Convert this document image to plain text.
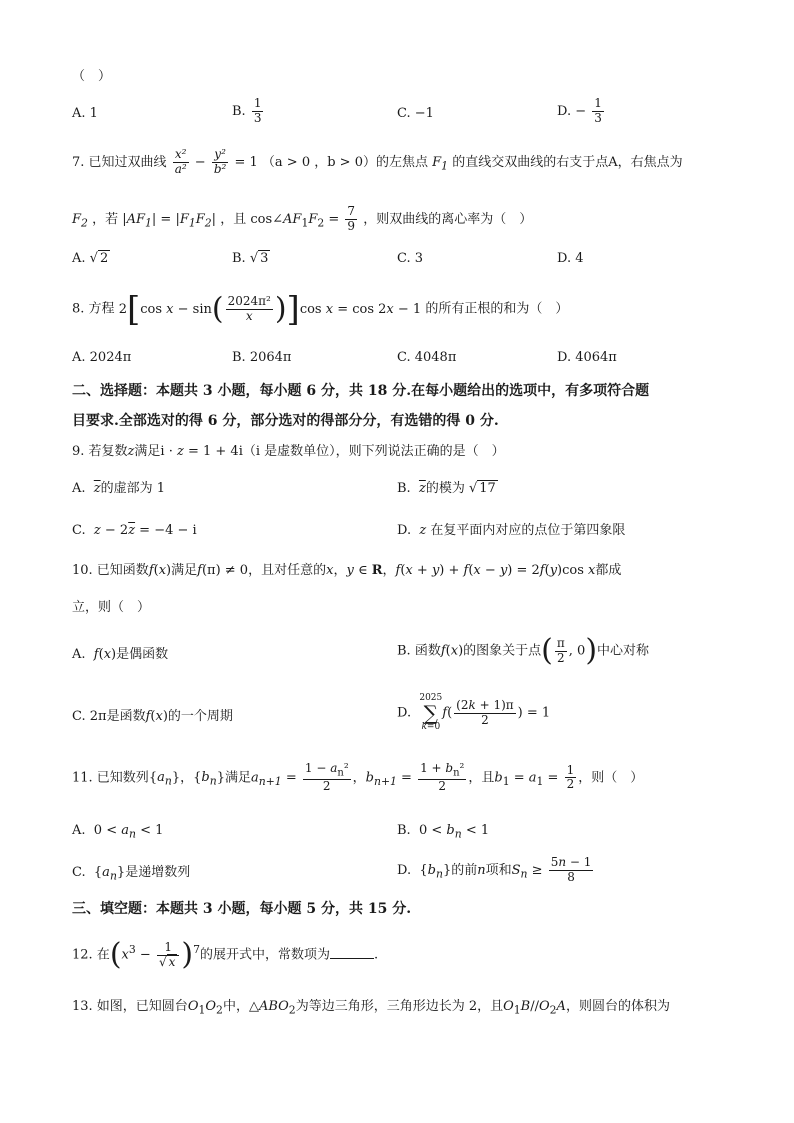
（　）
A. 1	B. $\frac{1}{3}$	C. −1	D. − $\frac{1}{3}$
7. 已知过双曲线 $\frac{\text{x²}}{\text{a²}} - \frac{\text{y²}}{\text{b²}} = 1$ （a > 0 ，b > 0）的左焦点 $F_1$ 的直线交双曲线的右支于点A，右焦点为
$F_2$ ，若 $|AF_1| = |F_1F_2|$ ，且 $\cos\angle AF_1F_2 = \frac{7}{9}$ ，则双曲线的离心率为（　）
A. √ 2	B. √ 3	C. 3	D. 4
8. 方程 2[cos $x - \sin( \frac{\text{2024π²}}{x} )]\cos$ x = cos 2x − 1 的所有正根的和为（　）
A. 2024π	B. 2064π	C. 4048π	D. 4064π
二、选择题：本题共 3 小题，每小题 6 分，共 18 分.在每小题给出的选项中，有多项符合题
目要求.全部选对的得 6 分，部分选对的得部分分，有选错的得 0 分.
9. 若复数z满足i · z = 1 + 4i（i 是虚数单位），则下列说法正确的是（　）
A.  $\overline{z}$的虚部为 1	B.  $\overline{z}$的模为 √ 17
C. $z - 2\overline{z} = -4 - i$	D.  z 在复平面内对应的点位于第四象限
10. 已知函数f(x)满足f(π) ≠ 0，且对任意的x，y ∈ R，f(x + y) + f(x − y) = 2f(y)cos x都成
立，则（　）
A.  f(x)是偶函数	B. 函数f(x)的图象关于点( $\frac{\pi}{2}$ , 0)中心对称
C. 2π是函数f(x)的一个周期	D.  2025
∑
$k=0f( \frac{(2k + 1)\pi}{2}$ ) = 1
11. 已知数列$\{a_n\}$，$\{b_n\}$满足$a_{n+1} = \frac{1 - a_n^2}{2}$ ，$b_{n+1} = \frac{1 + b_n^2}{2}$ ，且$b_1 = a_1 = \frac{1}{2}$ ，则（　）
A. $0 < a_n < 1$	B. $0 < b_n < 1$
C.  $\{a_n\}$是递增数列	D.  $\{b_n\}$的前n项和$S_n \ge \frac{5n - 1}{8}$
三、填空题：本题共 3 小题，每小题 5 分，共 15 分.
12. 在$(x^3 - \frac{1}{√ x} )^7$的展开式中，常数项为	.
13. 如图，已知圆台$O_1O_2$中，$\triangle ABO_2$为等边三角形，三角形边长为 2，且$O_1B//O_2A$，则圆台的体积为
